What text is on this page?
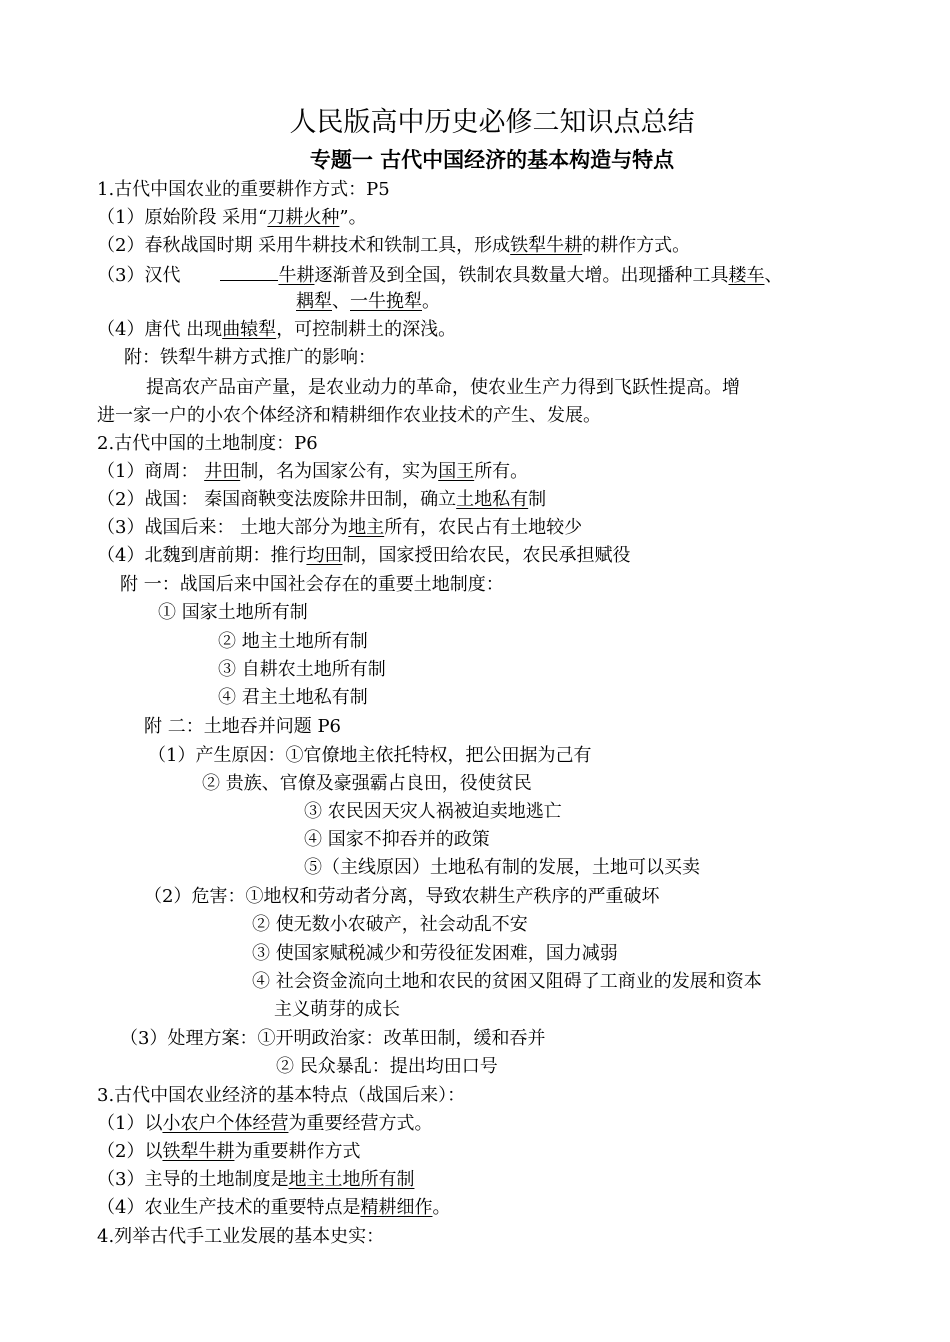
人民版高中历史必修二知识点总结
专题一 古代中国经济的基本构造与特点
1.古代中国农业的重要耕作方式：P5
（1）原始阶段 采用“刀耕火种”。
（2）春秋战国时期 采用牛耕技术和铁制工具，形成铁犁牛耕的耕作方式。
（3）汉代	牛耕逐渐普及到全国，铁制农具数量大增。出现播种工具耧车、
耦犁、一牛挽犁。
（4）唐代 出现曲辕犁，可控制耕土的深浅。
附：铁犁牛耕方式推广的影响：
提高农产品亩产量，是农业动力的革命，使农业生产力得到飞跃性提高。增
进一家一户的小农个体经济和精耕细作农业技术的产生、发展。
2.古代中国的土地制度：P6
（1）商周： 井田制，名为国家公有，实为国王所有。
（2）战国： 秦国商鞅变法废除井田制，确立土地私有制
（3）战国后来： 土地大部分为地主所有，农民占有土地较少
（4）北魏到唐前期：推行均田制，国家授田给农民，农民承担赋役
附 一：战国后来中国社会存在的重要土地制度：
① 国家土地所有制
② 地主土地所有制
③ 自耕农土地所有制
④ 君主土地私有制
附 二：土地吞并问题 P6
（1）产生原因：①官僚地主依托特权，把公田据为己有
② 贵族、官僚及豪强霸占良田，役使贫民
③ 农民因天灾人祸被迫卖地逃亡
④ 国家不抑吞并的政策
⑤（主线原因）土地私有制的发展，土地可以买卖
（2）危害：①地权和劳动者分离，导致农耕生产秩序的严重破坏
② 使无数小农破产，社会动乱不安
③ 使国家赋税减少和劳役征发困难，国力减弱
④ 社会资金流向土地和农民的贫困又阻碍了工商业的发展和资本
主义萌芽的成长
（3）处理方案：①开明政治家：改革田制，缓和吞并
② 民众暴乱：提出均田口号
3.古代中国农业经济的基本特点（战国后来）：
（1）以小农户个体经营为重要经营方式。
（2）以铁犁牛耕为重要耕作方式
（3）主导的土地制度是地主土地所有制
（4）农业生产技术的重要特点是精耕细作。
4.列举古代手工业发展的基本史实：
